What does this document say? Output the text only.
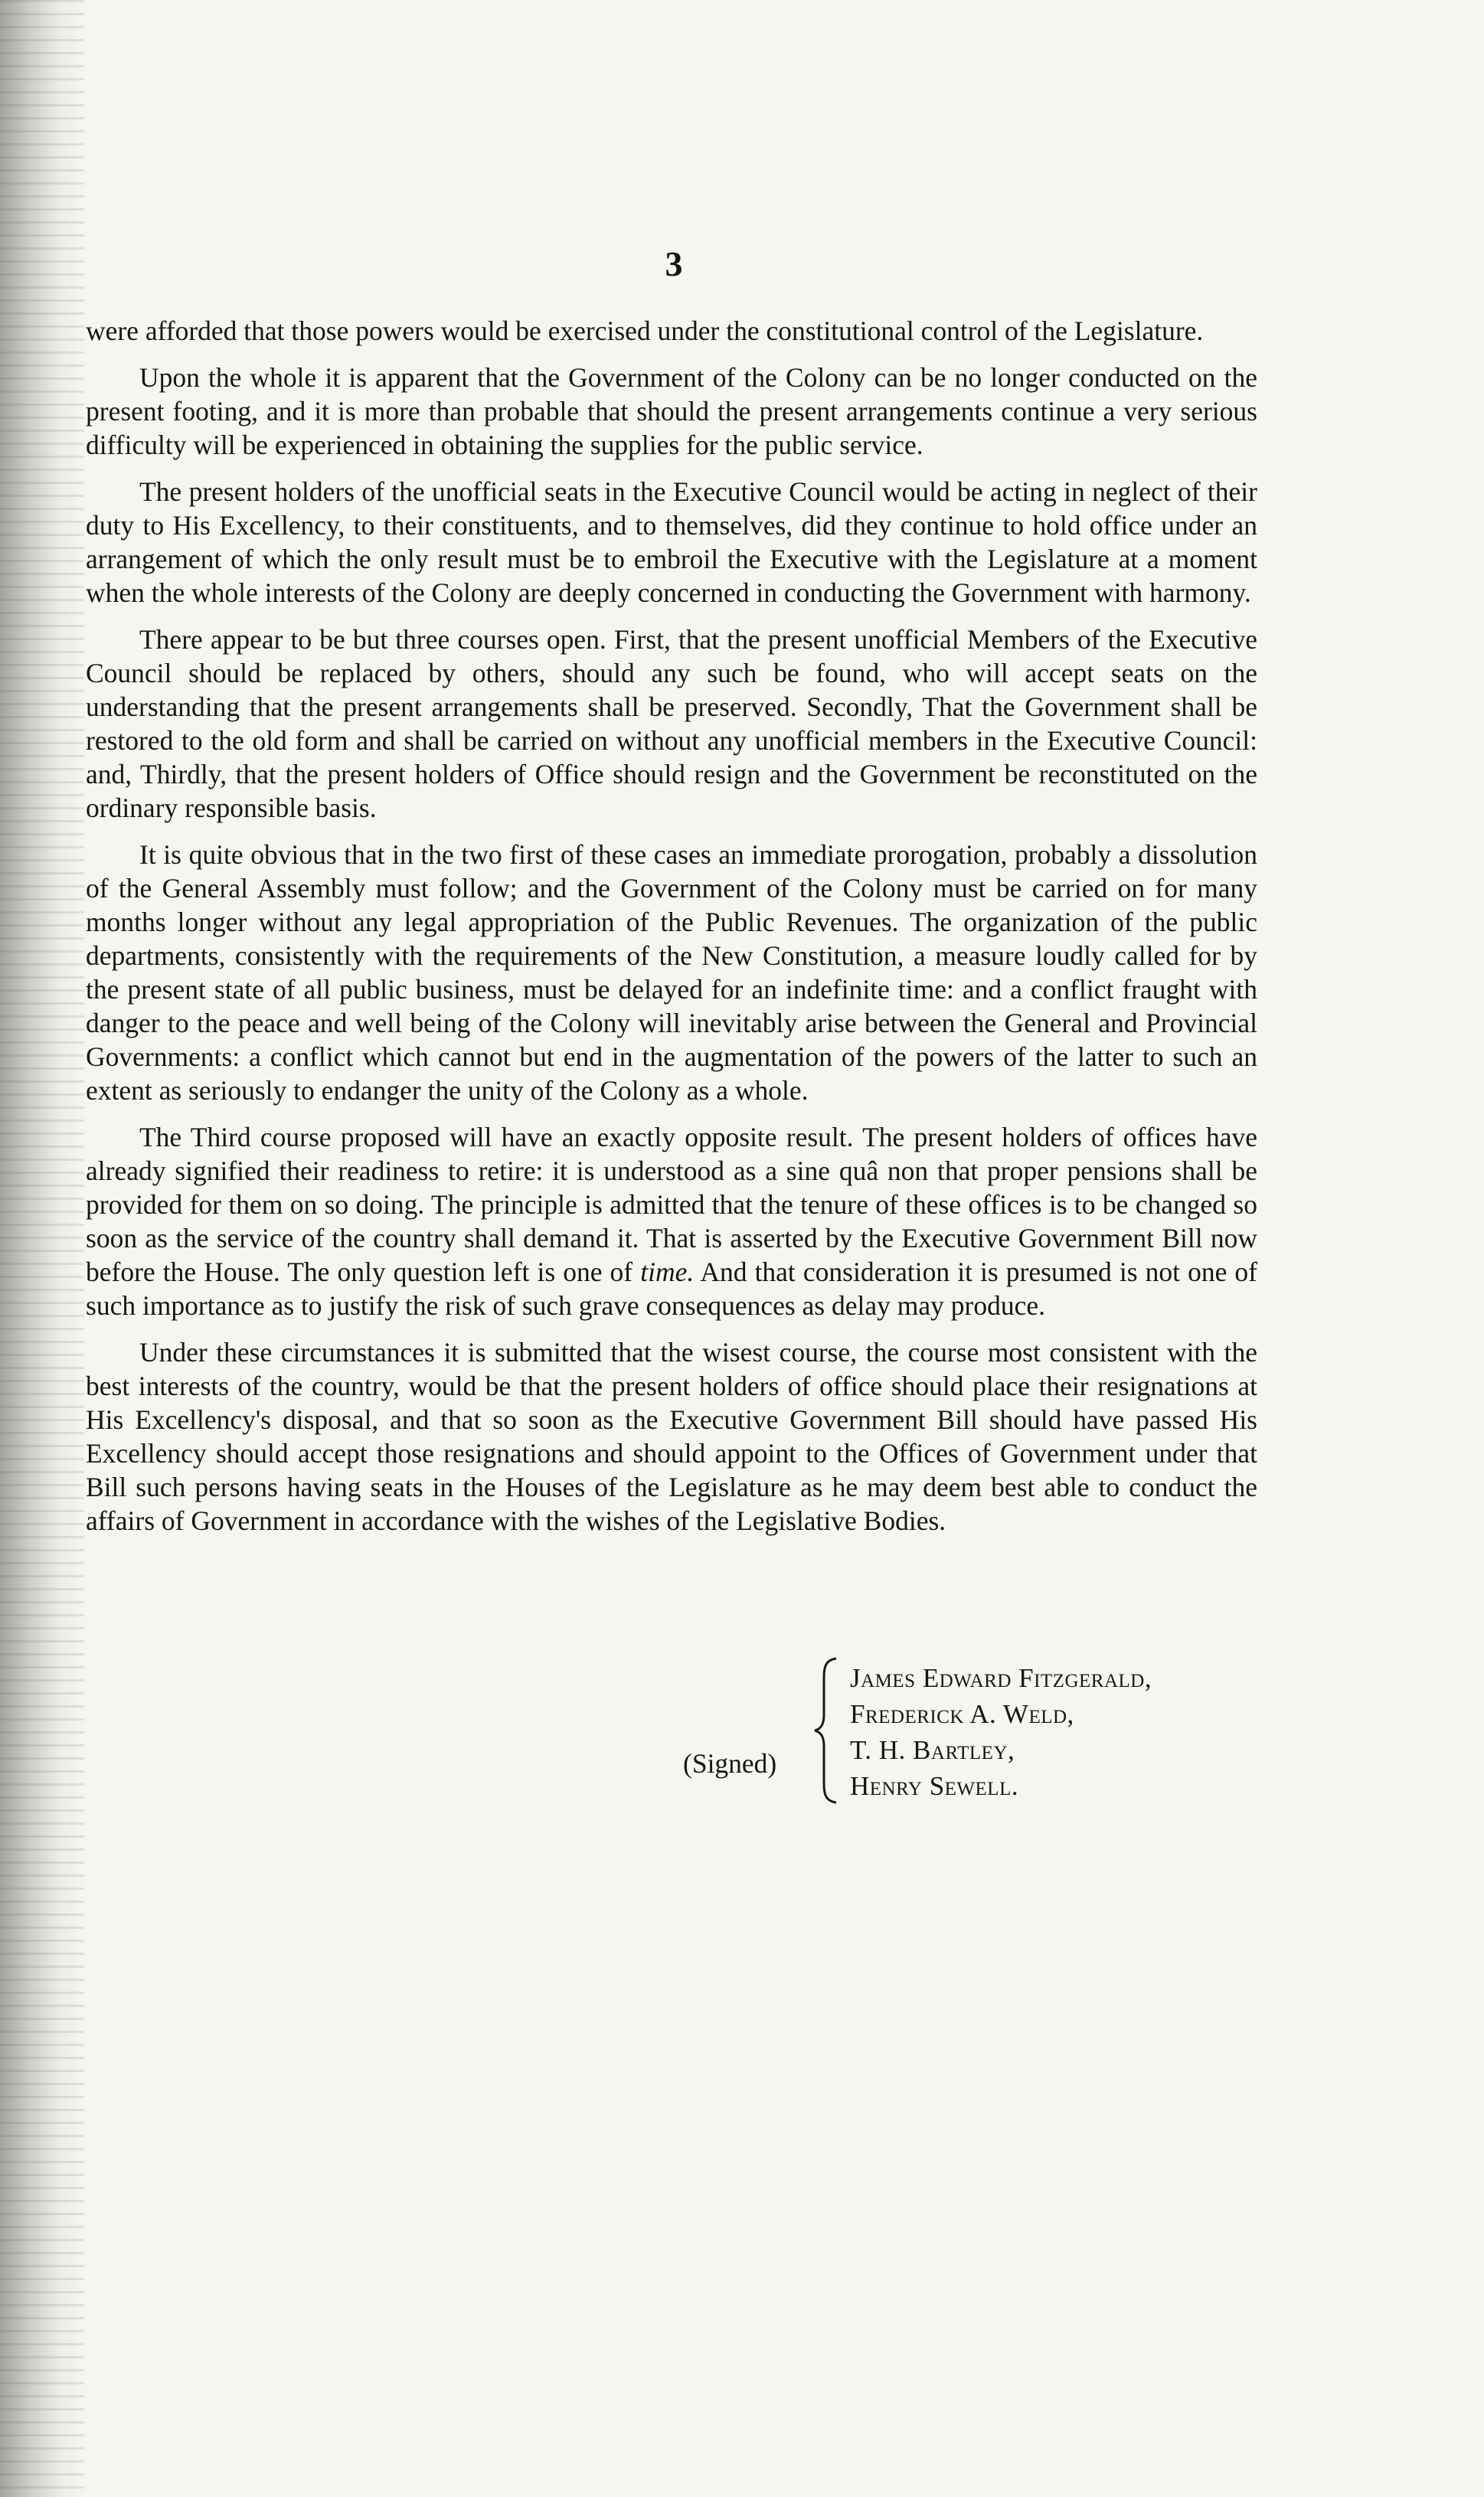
3

were afforded that those powers would be exercised under the constitutional control of the Legislature.

Upon the whole it is apparent that the Government of the Colony can be no longer conducted on the present footing, and it is more than probable that should the present arrangements continue a very serious difficulty will be experienced in obtaining the supplies for the public service.

The present holders of the unofficial seats in the Executive Council would be acting in neglect of their duty to His Excellency, to their constituents, and to themselves, did they continue to hold office under an arrangement of which the only result must be to embroil the Executive with the Legislature at a moment when the whole interests of the Colony are deeply concerned in conducting the Government with harmony.

There appear to be but three courses open. First, that the present unofficial Members of the Executive Council should be replaced by others, should any such be found, who will accept seats on the understanding that the present arrangements shall be preserved. Secondly, That the Government shall be restored to the old form and shall be carried on without any unofficial members in the Executive Council: and, Thirdly, that the present holders of Office should resign and the Government be reconstituted on the ordinary responsible basis.

It is quite obvious that in the two first of these cases an immediate prorogation, probably a dissolution of the General Assembly must follow; and the Government of the Colony must be carried on for many months longer without any legal appropriation of the Public Revenues. The organization of the public departments, consistently with the requirements of the New Constitution, a measure loudly called for by the present state of all public business, must be delayed for an indefinite time: and a conflict fraught with danger to the peace and well being of the Colony will inevitably arise between the General and Provincial Governments: a conflict which cannot but end in the augmentation of the powers of the latter to such an extent as seriously to endanger the unity of the Colony as a whole.

The Third course proposed will have an exactly opposite result. The present holders of offices have already signified their readiness to retire: it is understood as a sine quâ non that proper pensions shall be provided for them on so doing. The principle is admitted that the tenure of these offices is to be changed so soon as the service of the country shall demand it. That is asserted by the Executive Government Bill now before the House. The only question left is one of time. And that consideration it is presumed is not one of such importance as to justify the risk of such grave consequences as delay may produce.

Under these circumstances it is submitted that the wisest course, the course most consistent with the best interests of the country, would be that the present holders of office should place their resignations at His Excellency's disposal, and that so soon as the Executive Government Bill should have passed His Excellency should accept those resignations and should appoint to the Offices of Government under that Bill such persons having seats in the Houses of the Legislature as he may deem best able to conduct the affairs of Government in accordance with the wishes of the Legislative Bodies.

(Signed)
James Edward Fitzgerald,
Frederick A. Weld,
T. H. Bartley,
Henry Sewell.
